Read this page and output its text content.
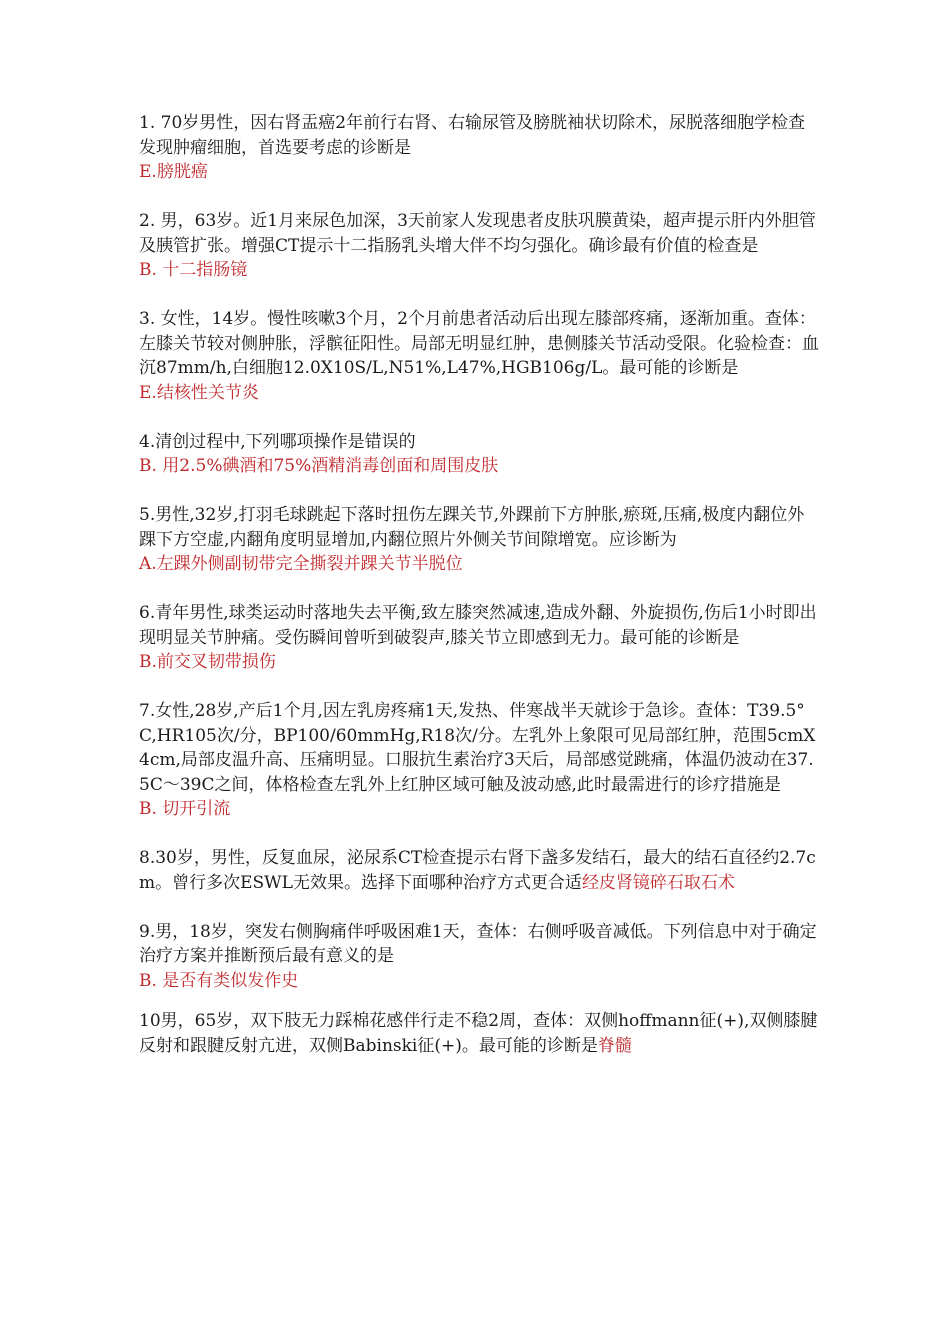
1. 70岁男性，因右肾盂癌2年前行右肾、右输尿管及膀胱袖状切除术，尿脱落细胞学检查发现肿瘤细胞，首选要考虑的诊断是
E.膀胱癌
2. 男，63岁。近1月来尿色加深，3天前家人发现患者皮肤巩膜黄染，超声提示肝内外胆管及胰管扩张。增强CT提示十二指肠乳头增大伴不均匀强化。确诊最有价值的检查是
B. 十二指肠镜
3. 女性，14岁。慢性咳嗽3个月，2个月前患者活动后出现左膝部疼痛，逐渐加重。查体：左膝关节较对侧肿胀，浮髌征阳性。局部无明显红肿，患侧膝关节活动受限。化验检查：血沉87mm/h,白细胞12.0X10S/L,N51%,L47%,HGB106g/L。最可能的诊断是
E.结核性关节炎
4.清创过程中,下列哪项操作是错误的
B. 用2.5%碘酒和75%酒精消毒创面和周围皮肤
5.男性,32岁,打羽毛球跳起下落时扭伤左踝关节,外踝前下方肿胀,瘀斑,压痛,极度内翻位外踝下方空虚,内翻角度明显增加,内翻位照片外侧关节间隙增宽。应诊断为
A.左踝外侧副韧带完全撕裂并踝关节半脱位
6.青年男性,球类运动时落地失去平衡,致左膝突然减速,造成外翻、外旋损伤,伤后1小时即出现明显关节肿痛。受伤瞬间曾听到破裂声,膝关节立即感到无力。最可能的诊断是
B.前交叉韧带损伤
7.女性,28岁,产后1个月,因左乳房疼痛1天,发热、伴寒战半天就诊于急诊。查体：T39.5°C,HR105次/分，BP100/60mmHg,R18次/分。左乳外上象限可见局部红肿，范围5cmX4cm,局部皮温升高、压痛明显。口服抗生素治疗3天后，局部感觉跳痛，体温仍波动在37.5C〜39C之间，体格检查左乳外上红肿区域可触及波动感,此时最需进行的诊疗措施是
B. 切开引流
8.30岁，男性，反复血尿，泌尿系CT检查提示右肾下盏多发结石，最大的结石直径约2.7cm。曾行多次ESWL无效果。选择下面哪种治疗方式更合适经皮肾镜碎石取石术
9.男，18岁，突发右侧胸痛伴呼吸困难1天，查体：右侧呼吸音减低。下列信息中对于确定治疗方案并推断预后最有意义的是
B. 是否有类似发作史
10男，65岁，双下肢无力踩棉花感伴行走不稳2周，查体：双侧hoffmann征(+),双侧膝腱反射和跟腱反射亢进，双侧Babinski征(+)。最可能的诊断是脊髓
